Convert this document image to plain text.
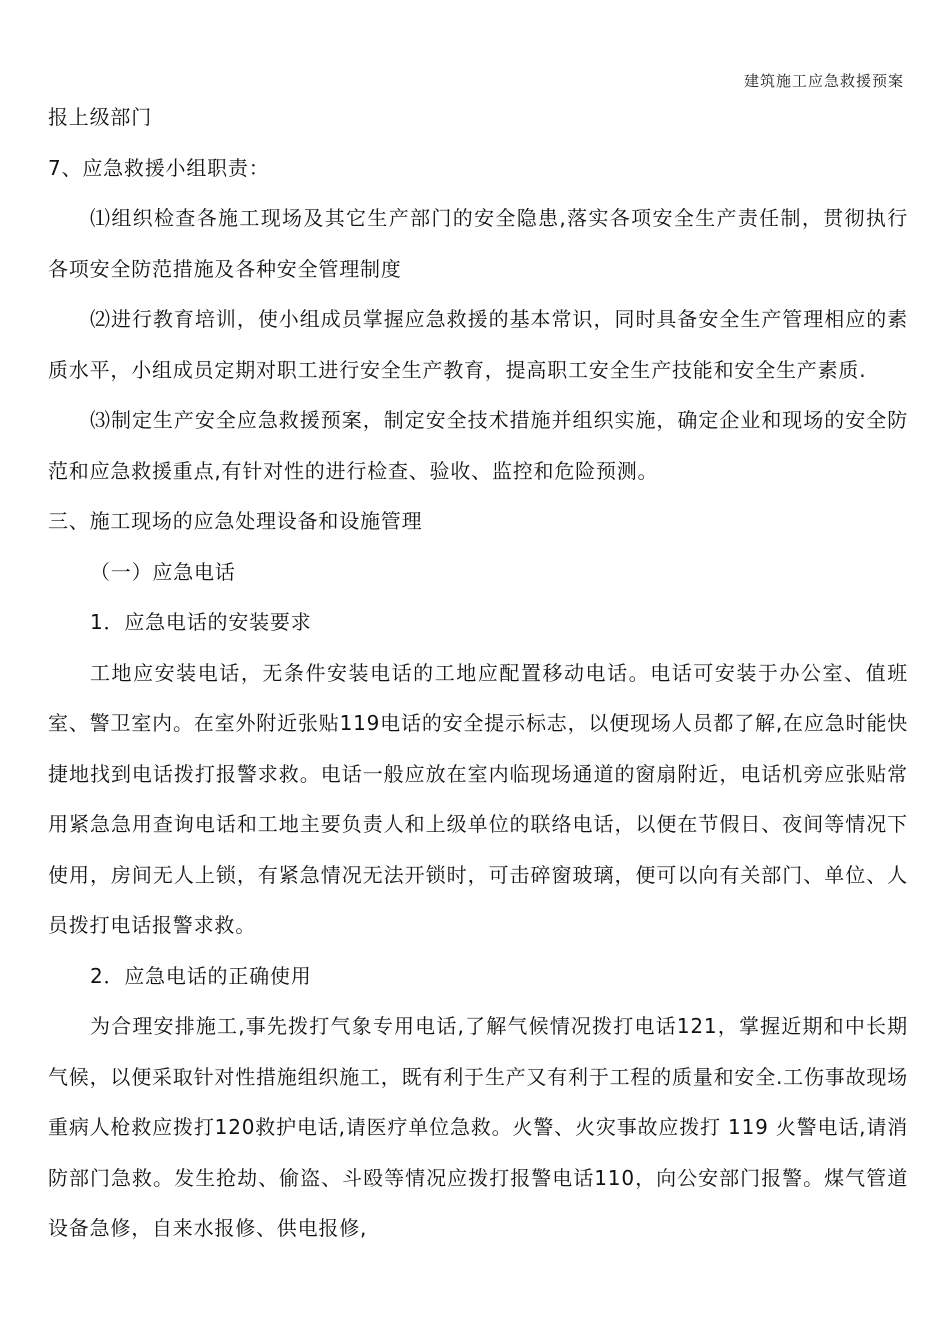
建筑施工应急救援预案

报上级部门

7、应急救援小组职责：

⑴组织检查各施工现场及其它生产部门的安全隐患,落实各项安全生产责任制，贯彻执行各项安全防范措施及各种安全管理制度

⑵进行教育培训，使小组成员掌握应急救援的基本常识，同时具备安全生产管理相应的素质水平，小组成员定期对职工进行安全生产教育，提高职工安全生产技能和安全生产素质.

⑶制定生产安全应急救援预案，制定安全技术措施并组织实施，确定企业和现场的安全防范和应急救援重点,有针对性的进行检查、验收、监控和危险预测。

三、施工现场的应急处理设备和设施管理

（一）应急电话

1．应急电话的安装要求

工地应安装电话，无条件安装电话的工地应配置移动电话。电话可安装于办公室、值班室、警卫室内。在室外附近张贴119电话的安全提示标志，以便现场人员都了解,在应急时能快捷地找到电话拨打报警求救。电话一般应放在室内临现场通道的窗扇附近，电话机旁应张贴常用紧急急用查询电话和工地主要负责人和上级单位的联络电话，以便在节假日、夜间等情况下使用，房间无人上锁，有紧急情况无法开锁时，可击碎窗玻璃，便可以向有关部门、单位、人员拨打电话报警求救。

2．应急电话的正确使用

为合理安排施工,事先拨打气象专用电话,了解气候情况拨打电话121，掌握近期和中长期气候，以便采取针对性措施组织施工，既有利于生产又有利于工程的质量和安全.工伤事故现场重病人枪救应拨打120救护电话,请医疗单位急救。火警、火灾事故应拨打 119 火警电话,请消防部门急救。发生抢劫、偷盗、斗殴等情况应拨打报警电话110，向公安部门报警。煤气管道设备急修，自来水报修、供电报修,
